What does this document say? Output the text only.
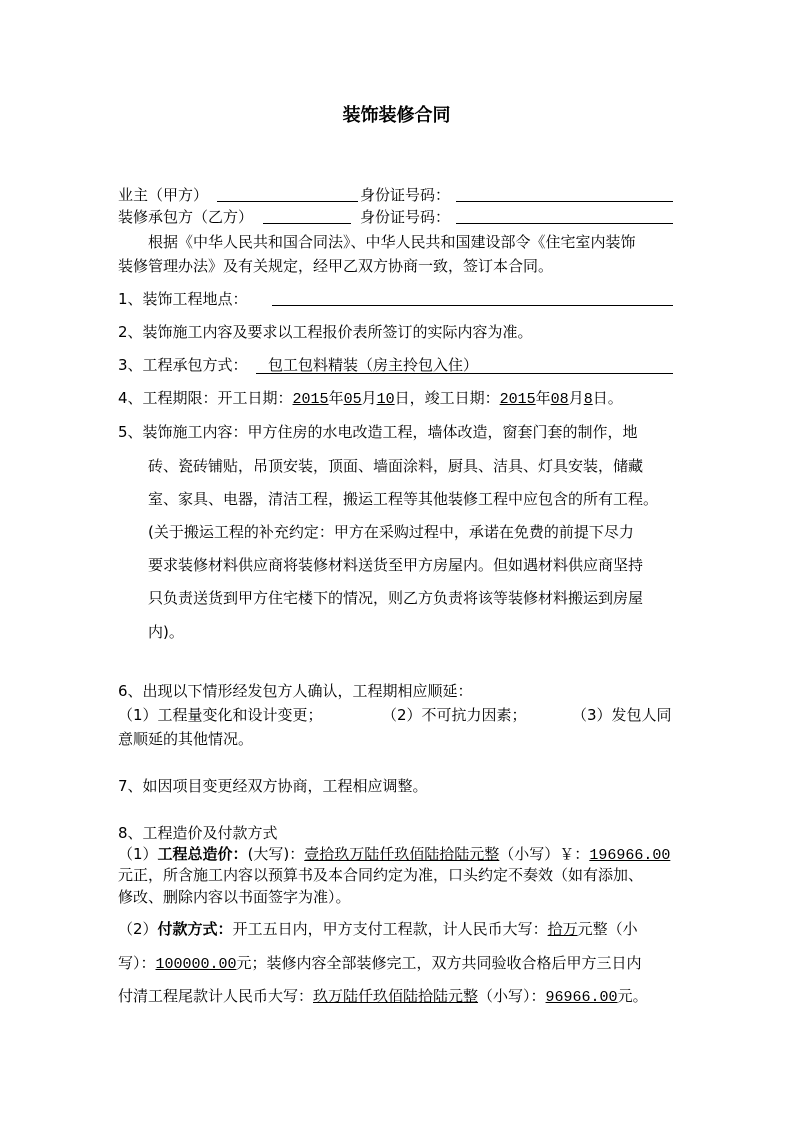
装饰装修合同
业主（甲方）	身份证号码：
装修承包方（乙方）	身份证号码：
根据《中华人民共和国合同法》、中华人民共和国建设部令《住宅室内装饰
装修管理办法》及有关规定，经甲乙双方协商一致，签订本合同。
1、装饰工程地点：
2、装饰施工内容及要求以工程报价表所签订的实际内容为准。
3、工程承包方式： 包工包料精装（房主拎包入住）
4、工程期限：开工日期：2015年05月10日，竣工日期：2015年08月8日。
5、装饰施工内容：甲方住房的水电改造工程，墙体改造，窗套门套的制作，地
砖、瓷砖铺贴，吊顶安装，顶面、墙面涂料，厨具、洁具、灯具安装，储藏
室、家具、电器，清洁工程，搬运工程等其他装修工程中应包含的所有工程。
(关于搬运工程的补充约定：甲方在采购过程中，承诺在免费的前提下尽力
要求装修材料供应商将装修材料送货至甲方房屋内。但如遇材料供应商坚持
只负责送货到甲方住宅楼下的情况，则乙方负责将该等装修材料搬运到房屋
内)。
6、出现以下情形经发包方人确认，工程期相应顺延：
（1）工程量变化和设计变更；	（2）不可抗力因素；	（3）发包人同
意顺延的其他情况。
7、如因项目变更经双方协商，工程相应调整。
8、工程造价及付款方式
（1）工程总造价：(大写)：壹拾玖万陆仟玖佰陆拾陆元整（小写）￥：196966.00
元正，所含施工内容以预算书及本合同约定为准，口头约定不奏效（如有添加、
修改、删除内容以书面签字为准）。
（2）付款方式：开工五日内，甲方支付工程款，计人民币大写：拾万元整（小
写）：100000.00元；装修内容全部装修完工，双方共同验收合格后甲方三日内
付清工程尾款计人民币大写：玖万陆仟玖佰陆拾陆元整（小写）：96966.00元。
